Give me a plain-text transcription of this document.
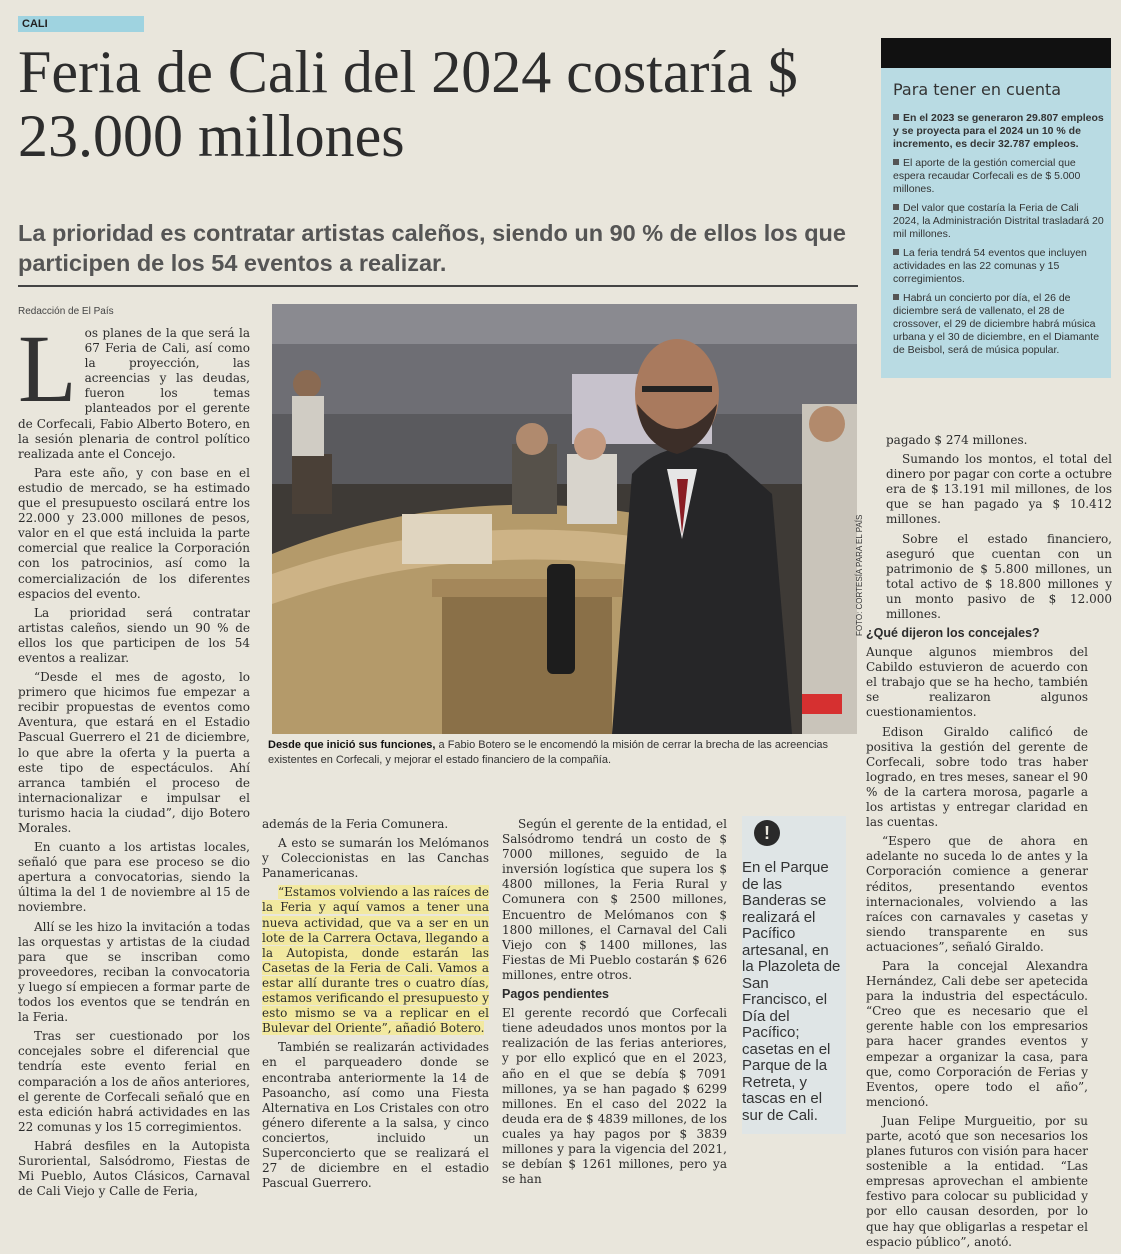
CALI
Feria de Cali del 2024 costaría $ 23.000 millones
La prioridad es contratar artistas caleños, siendo un 90 % de ellos los que participen de los 54 eventos a realizar.
Redacción de El País
Para tener en cuenta
En el 2023 se generaron 29.807 empleos y se proyecta para el 2024 un 10 % de incremento, es decir 32.787 empleos.
El aporte de la gestión comercial que espera recaudar Corfecali es de $ 5.000 millones.
Del valor que costaría la Feria de Cali 2024, la Administración Distrital trasladará 20 mil millones.
La feria tendrá 54 eventos que incluyen actividades en las 22 comunas y 15 corregimientos.
Habrá un concierto por día, el 26 de diciembre será de vallenato, el 28 de crossover, el 29 de diciembre habrá música urbana y el 30 de diciembre, en el Diamante de Beisbol, será de música popular.
FOTO: CORTESÍA PARA EL PAÍS
Desde que inició sus funciones, a Fabio Botero se le encomendó la misión de cerrar la brecha de las acreencias existentes en Corfecali, y mejorar el estado financiero de la compañía.

Los planes de la que será la 67 Feria de Cali, así como la proyección, las acreencias y las deudas, fueron los temas planteados por el gerente de Corfecali, Fabio Alberto Botero, en la sesión plenaria de control político realizada ante el Concejo.

Para este año, y con base en el estudio de mercado, se ha estimado que el presupuesto oscilará entre los 22.000 y 23.000 millones de pesos, valor en el que está incluida la parte comercial que realice la Corporación con los patrocinios, así como la comercialización de los diferentes espacios del evento.

La prioridad será contratar artistas caleños, siendo un 90 % de ellos los que participen de los 54 eventos a realizar.

“Desde el mes de agosto, lo primero que hicimos fue empezar a recibir propuestas de eventos como Aventura, que estará en el Estadio Pascual Guerrero el 21 de diciembre, lo que abre la oferta y la puerta a este tipo de espectáculos. Ahí arranca también el proceso de internacionalizar e impulsar el turismo hacia la ciudad”, dijo Botero Morales.

En cuanto a los artistas locales, señaló que para ese proceso se dio apertura a convocatorias, siendo la última la del 1 de noviembre al 15 de noviembre.

Allí se les hizo la invitación a todas las orquestas y artistas de la ciudad para que se inscriban como proveedores, reciban la convocatoria y luego sí empiecen a formar parte de todos los eventos que se tendrán en la Feria.

Tras ser cuestionado por los concejales sobre el diferencial que tendría este evento ferial en comparación a los de años anteriores, el gerente de Corfecali señaló que en esta edición habrá actividades en las 22 comunas y los 15 corregimientos.

Habrá desfiles en la Autopista Suroriental, Salsódromo, Fiestas de Mi Pueblo, Autos Clásicos, Carnaval de Cali Viejo y Calle de Feria,

además de la Feria Comunera.

A esto se sumarán los Melómanos y Coleccionistas en las Canchas Panamericanas.

“Estamos volviendo a las raíces de la Feria y aquí vamos a tener una nueva actividad, que va a ser en un lote de la Carrera Octava, llegando a la Autopista, donde estarán las Casetas de la Feria de Cali. Vamos a estar allí durante tres o cuatro días, estamos verificando el presupuesto y esto mismo se va a replicar en el Bulevar del Oriente”, añadió Botero.

También se realizarán actividades en el parqueadero donde se encontraba anteriormente la 14 de Pasoancho, así como una Fiesta Alternativa en Los Cristales con otro género diferente a la salsa, y cinco conciertos, incluido un Superconcierto que se realizará el 27 de diciembre en el estadio Pascual Guerrero.

Según el gerente de la entidad, el Salsódromo tendrá un costo de $ 7000 millones, seguido de la inversión logística que supera los $ 4800 millones, la Feria Rural y Comunera con $ 2500 millones, Encuentro de Melómanos con $ 1800 millones, el Carnaval del Cali Viejo con $ 1400 millones, las Fiestas de Mi Pueblo costarán $ 626 millones, entre otros.

Pagos pendientes

El gerente recordó que Corfecali tiene adeudados unos montos por la realización de las ferias anteriores, y por ello explicó que en el 2023, año en el que se debía $ 7091 millones, ya se han pagado $ 6299 millones. En el caso del 2022 la deuda era de $ 4839 millones, de los cuales ya hay pagos por $ 3839 millones y para la vigencia del 2021, se debían $ 1261 millones, pero ya se han

!
En el Parque de las Banderas se realizará el Pacífico artesanal, en la Plazoleta de San Francisco, el Día del Pacífico; casetas en el Parque de la Retreta, y tascas en el sur de Cali.

pagado $ 274 millones.

Sumando los montos, el total del dinero por pagar con corte a octubre era de $ 13.191 mil millones, de los que se han pagado ya $ 10.412 millones.

Sobre el estado financiero, aseguró que cuentan con un patrimonio de $ 5.800 millones, un total activo de $ 18.800 millones y un monto pasivo de $ 12.000 millones.

¿Qué dijeron los concejales?

Aunque algunos miembros del Cabildo estuvieron de acuerdo con el trabajo que se ha hecho, también se realizaron algunos cuestionamientos.

Edison Giraldo calificó de positiva la gestión del gerente de Corfecali, sobre todo tras haber logrado, en tres meses, sanear el 90 % de la cartera morosa, pagarle a los artistas y entregar claridad en las cuentas.

“Espero que de ahora en adelante no suceda lo de antes y la Corporación comience a generar réditos, presentando eventos internacionales, volviendo a las raíces con carnavales y casetas y siendo transparente en sus actuaciones”, señaló Giraldo.

Para la concejal Alexandra Hernández, Cali debe ser apetecida para la industria del espectáculo. “Creo que es necesario que el gerente hable con los empresarios para hacer grandes eventos y empezar a organizar la casa, para que, como Corporación de Ferias y Eventos, opere todo el año”, mencionó.

Juan Felipe Murgueitio, por su parte, acotó que son necesarios los planes futuros con visión para hacer sostenible a la entidad. “Las empresas aprovechan el ambiente festivo para colocar su publicidad y por ello causan desorden, por lo que hay que obligarlas a respetar el espacio público”, anotó.
